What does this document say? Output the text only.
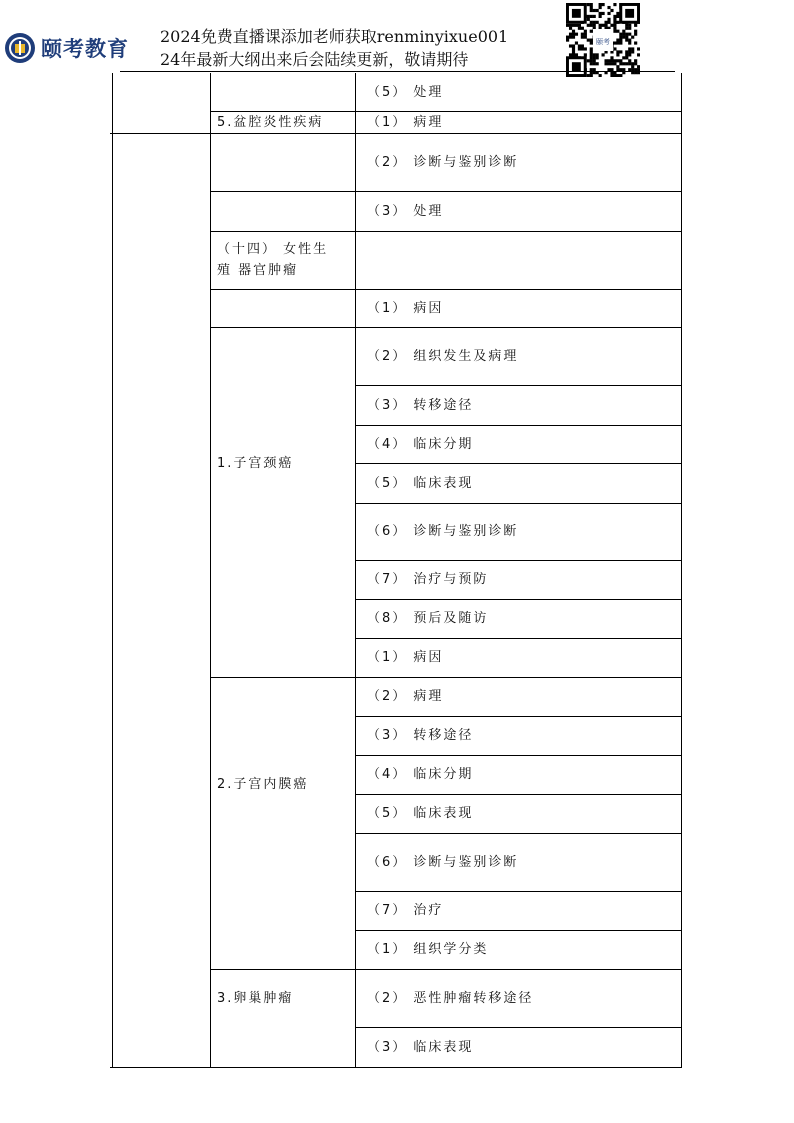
颐考教育
2024免费直播课添加老师获取renminyixue001
24年最新大纲出来后会陆续更新，敬请期待
颐考
（5） 处理
（1） 病理
（2） 诊断与鉴别诊断
（3） 处理
（1） 病因
（2） 组织发生及病理
（3） 转移途径
（4） 临床分期
（5） 临床表现
（6） 诊断与鉴别诊断
（7） 治疗与预防
（8） 预后及随访
（1） 病因
（2） 病理
（3） 转移途径
（4） 临床分期
（5） 临床表现
（6） 诊断与鉴别诊断
（7） 治疗
（1） 组织学分类
（2） 恶性肿瘤转移途径
（3） 临床表现
5.盆腔炎性疾病
（十四） 女性生
殖 器官肿瘤
1.子宫颈癌
2.子宫内膜癌
3.卵巢肿瘤
